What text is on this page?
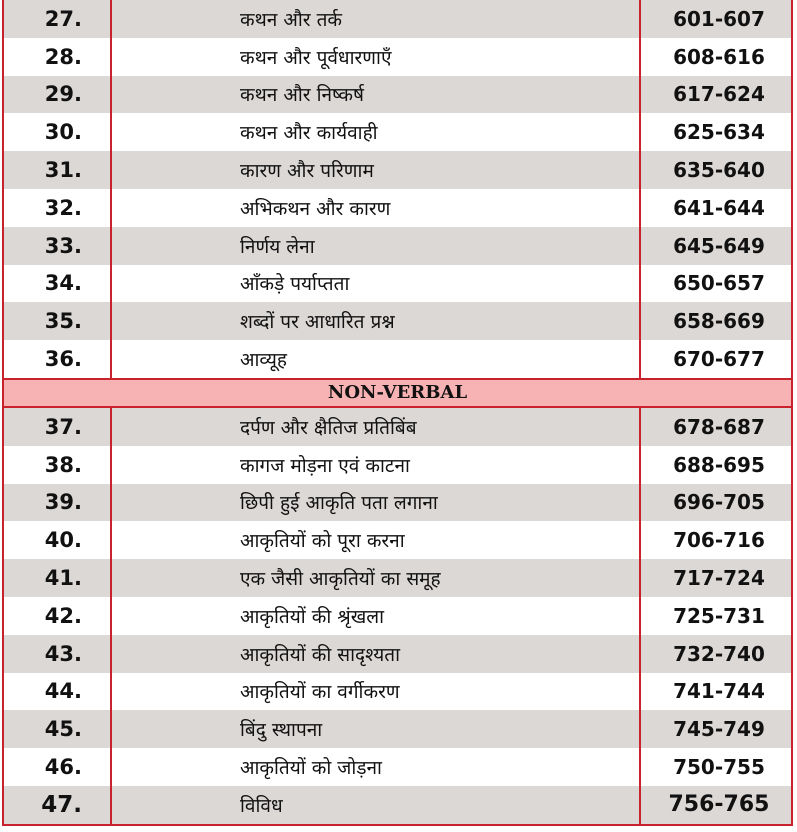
27.	कथन और तर्क	601-607
28.	कथन और पूर्वधारणाएँ	608-616
29.	कथन और निष्कर्ष	617-624
30.	कथन और कार्यवाही	625-634
31.	कारण और परिणाम	635-640
32.	अभिकथन और कारण	641-644
33.	निर्णय लेना	645-649
34.	आँकड़े पर्याप्तता	650-657
35.	शब्दों पर आधारित प्रश्न	658-669
36.	आव्यूह	670-677
NON-VERBAL
37.	दर्पण और क्षैतिज प्रतिबिंब	678-687
38.	कागज मोड़ना एवं काटना	688-695
39.	छिपी हुई आकृति पता लगाना	696-705
40.	आकृतियों को पूरा करना	706-716
41.	एक जैसी आकृतियों का समूह	717-724
42.	आकृतियों की श्रृंखला	725-731
43.	आकृतियों की सादृश्यता	732-740
44.	आकृतियों का वर्गीकरण	741-744
45.	बिंदु स्थापना	745-749
46.	आकृतियों को जोड़ना	750-755
47.	विविध	756-765
